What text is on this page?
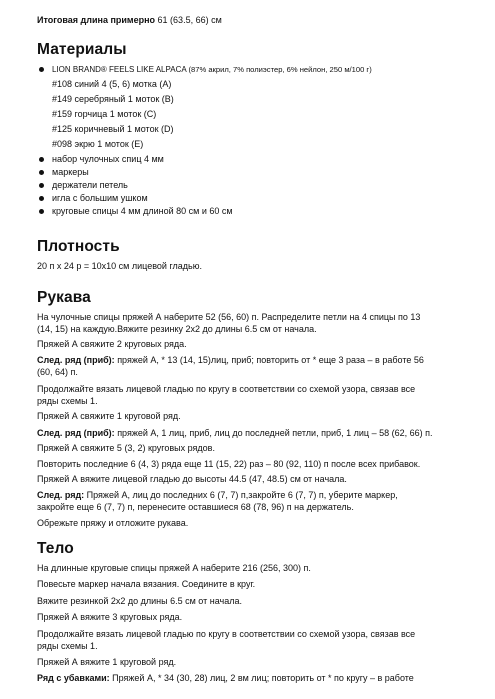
Итоговая длина примерно 61 (63.5, 66) см
Материалы
LION BRAND® FEELS LIKE ALPACA (87% акрил, 7% полиэстер, 6% нейлон, 250 м/100 г)
#108 синий 4 (5, 6) мотка (А)
#149 серебряный 1 моток (В)
#159 горчица 1 моток (С)
#125 коричневый 1 моток (D)
#098 экрю 1 моток (Е)
набор чулочных спиц 4 мм
маркеры
держатели петель
игла с большим ушком
круговые спицы 4 мм длиной 80 см и 60 см
Плотность
20 п х 24 р = 10х10 см лицевой гладью.
Рукава
На чулочные спицы пряжей А наберите 52 (56, 60) п. Распределите петли на 4 спицы по 13
(14, 15) на каждую.Вяжите резинку 2х2 до длины 6.5 см от начала.
Пряжей А свяжите 2 круговых ряда.
След. ряд (приб): пряжей А, * 13 (14, 15)лиц, приб; повторить от * еще 3 раза – в работе 56
(60, 64) п.
Продолжайте вязать лицевой гладью по кругу в соответствии со схемой узора, связав все
ряды схемы 1.
Пряжей А свяжите 1 круговой ряд.
След. ряд (приб): пряжей А, 1 лиц, приб, лиц до последней петли, приб, 1 лиц – 58 (62, 66) п.
Пряжей А свяжите 5 (3, 2) круговых рядов.
Повторить последние 6 (4, 3) ряда еще 11 (15, 22) раз – 80 (92, 110) п после всех прибавок.
Пряжей А вяжите лицевой гладью до высоты 44.5 (47, 48.5) см от начала.
След. ряд: Пряжей А, лиц до последних 6 (7, 7) п,закройте 6 (7, 7) п, уберите маркер,
закройте еще 6 (7, 7) п, перенесите оставшиеся 68 (78, 96) п на держатель.
Обрежьте пряжу и отложите рукава.
Тело
На длинные круговые спицы пряжей А наберите 216 (256, 300) п.
Повесьте маркер начала вязания. Соедините в круг.
Вяжите резинкой 2х2 до длины 6.5 см от начала.
Пряжей А вяжите 3 круговых ряда.
Продолжайте вязать лицевой гладью по кругу в соответствии со схемой узора, связав все
ряды схемы 1.
Пряжей А вяжите 1 круговой ряд.
Ряд с убавками: Пряжей А, * 34 (30, 28) лиц, 2 вм лиц; повторить от * по кругу – в работе
